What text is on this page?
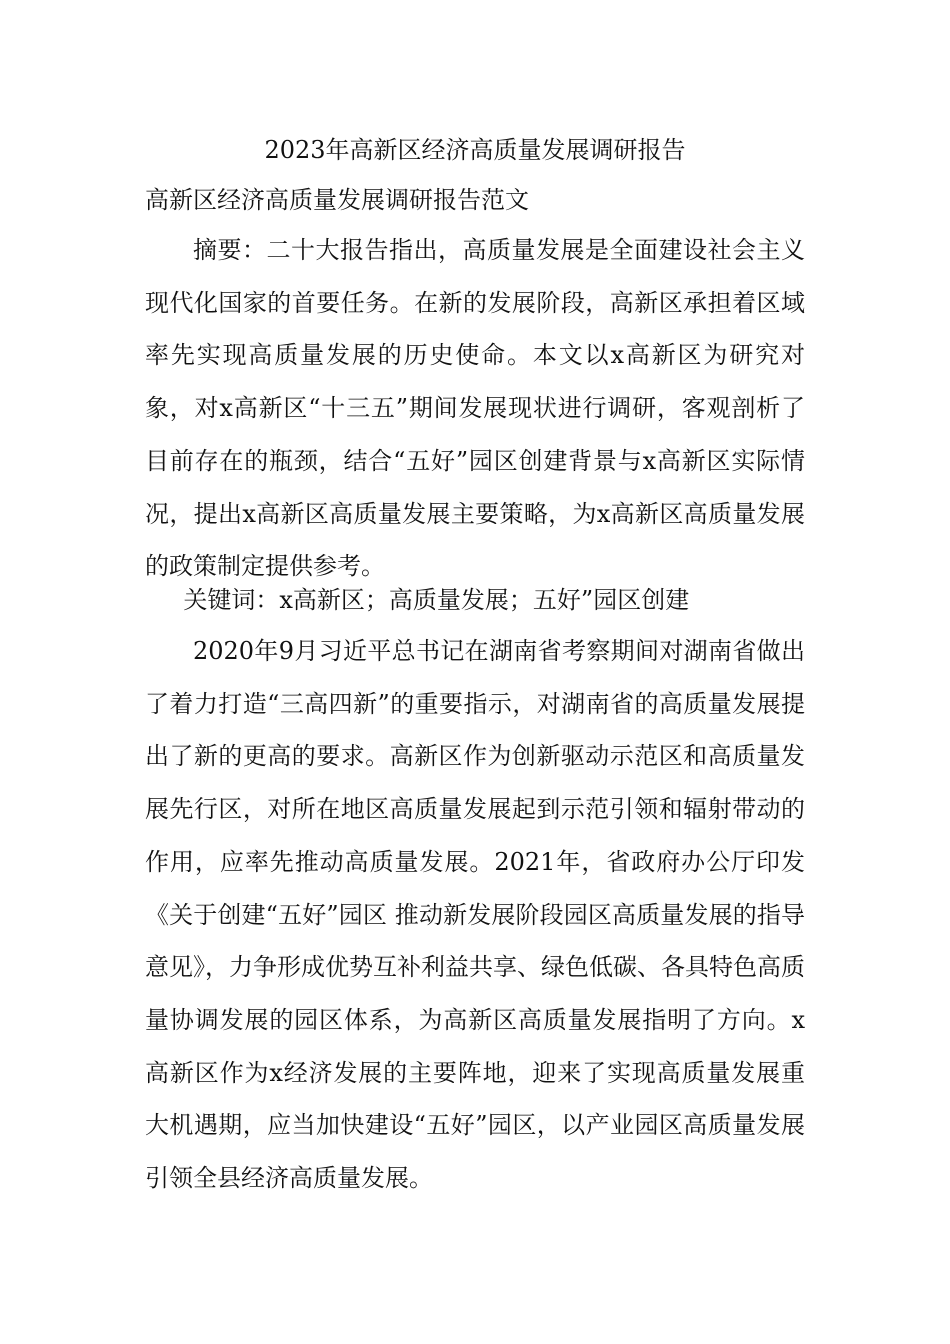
2023年高新区经济高质量发展调研报告
高新区经济高质量发展调研报告范文

摘要：二十大报告指出，高质量发展是全面建设社会主义现代化国家的首要任务。在新的发展阶段，高新区承担着区域率先实现高质量发展的历史使命。本文以x高新区为研究对象，对x高新区“十三五”期间发展现状进行调研，客观剖析了目前存在的瓶颈，结合“五好”园区创建背景与x高新区实际情况，提出x高新区高质量发展主要策略，为x高新区高质量发展的政策制定提供参考。

关键词：x高新区；高质量发展；五好”园区创建

2020年9月习近平总书记在湖南省考察期间对湖南省做出了着力打造“三高四新”的重要指示，对湖南省的高质量发展提出了新的更高的要求。高新区作为创新驱动示范区和高质量发展先行区，对所在地区高质量发展起到示范引领和辐射带动的作用，应率先推动高质量发展。2021年，省政府办公厅印发《关于创建“五好”园区 推动新发展阶段园区高质量发展的指导意见》，力争形成优势互补利益共享、绿色低碳、各具特色高质量协调发展的园区体系，为高新区高质量发展指明了方向。x高新区作为x经济发展的主要阵地，迎来了实现高质量发展重大机遇期，应当加快建设“五好”园区，以产业园区高质量发展引领全县经济高质量发展。
